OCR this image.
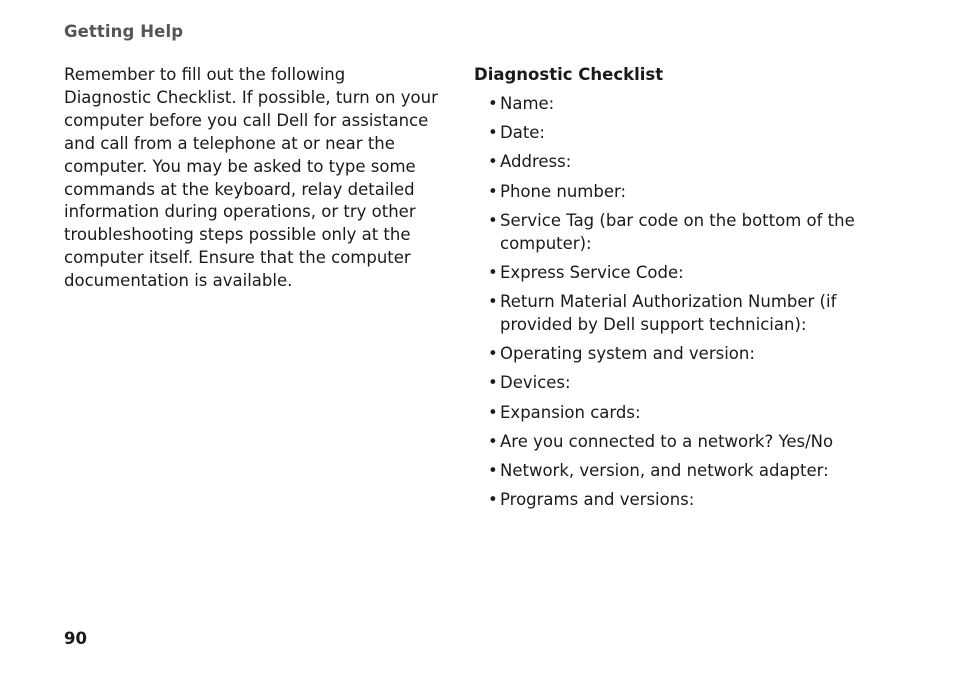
Getting Help
Remember to fill out the following
Diagnostic Checklist. If possible, turn on your
computer before you call Dell for assistance
and call from a telephone at or near the
computer. You may be asked to type some
commands at the keyboard, relay detailed
information during operations, or try other
troubleshooting steps possible only at the
computer itself. Ensure that the computer
documentation is available.
Diagnostic Checklist
• Name:
• Date:
• Address:
• Phone number:
• Service Tag (bar code on the bottom of the
computer):
• Express Service Code:
• Return Material Authorization Number (if
provided by Dell support technician):
• Operating system and version:
• Devices:
• Expansion cards:
• Are you connected to a network? Yes/No
• Network, version, and network adapter:
• Programs and versions:
90
